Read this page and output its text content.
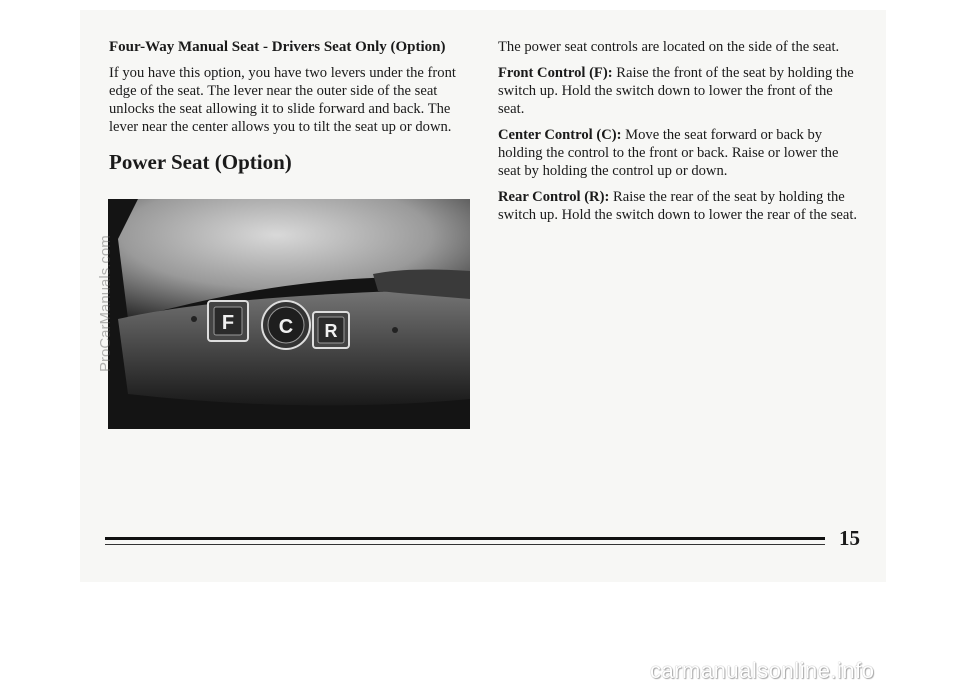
Four-Way Manual Seat - Drivers Seat Only (Option)
If you have this option, you have two levers under the front edge of the seat. The lever near the outer side of the seat unlocks the seat allowing it to slide forward and back. The lever near the center allows you to tilt the seat up or down.
Power Seat (Option)
F C R
The power seat controls are located on the side of the seat.
Front Control (F): Raise the front of the seat by holding the switch up. Hold the switch down to lower the front of the seat.
Center Control (C): Move the seat forward or back by holding the control to the front or back. Raise or lower the seat by holding the control up or down.
Rear Control (R): Raise the rear of the seat by holding the switch up. Hold the switch down to lower the rear of the seat.
15
ProCarManuals.com
carmanualsonline.info
